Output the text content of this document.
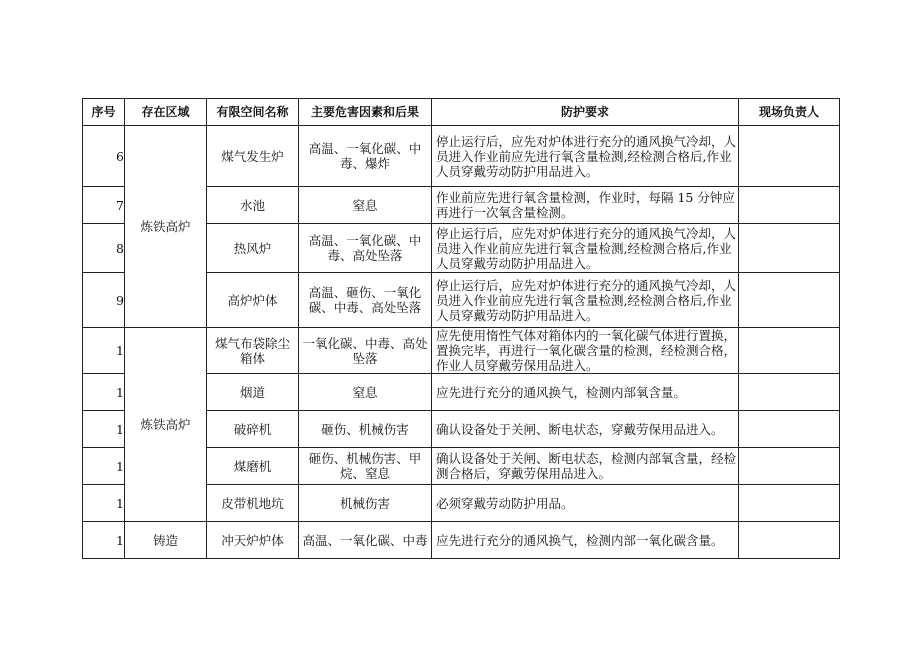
序号	存在区域	有限空间名称	主要危害因素和后果	防护要求	现场负责人
6	炼铁高炉	煤气发生炉	高温、一氧化碳、中毒、爆炸	停止运行后，应先对炉体进行充分的通风换气冷却，人员进入作业前应先进行氧含量检测,经检测合格后,作业人员穿戴劳动防护用品进入。	
7		水池	窒息	作业前应先进行氧含量检测，作业时，每隔 15 分钟应再进行一次氧含量检测。	
8		热风炉	高温、一氧化碳、中毒、高处坠落	停止运行后，应先对炉体进行充分的通风换气冷却，人员进入作业前应先进行氧含量检测,经检测合格后,作业人员穿戴劳动防护用品进入。	
9		高炉炉体	高温、砸伤、一氧化碳、中毒、高处坠落	停止运行后，应先对炉体进行充分的通风换气冷却，人员进入作业前应先进行氧含量检测,经检测合格后,作业人员穿戴劳动防护用品进入。	
1	炼铁高炉	煤气布袋除尘箱体	一氧化碳、中毒、高处坠落	应先使用惰性气体对箱体内的一氧化碳气体进行置换，置换完毕，再进行一氧化碳含量的检测，经检测合格，作业人员穿戴劳保用品进入。	
1		烟道	窒息	应先进行充分的通风换气，检测内部氧含量。	
1		破碎机	砸伤、机械伤害	确认设备处于关闸、断电状态，穿戴劳保用品进入。	
1		煤磨机	砸伤、机械伤害、甲烷、窒息	确认设备处于关闸、断电状态，检测内部氧含量，经检测合格后，穿戴劳保用品进入。	
1		皮带机地坑	机械伤害	必须穿戴劳动防护用品。	
1	铸造	冲天炉炉体	高温、一氧化碳、中毒	应先进行充分的通风换气，检测内部一氧化碳含量。	
